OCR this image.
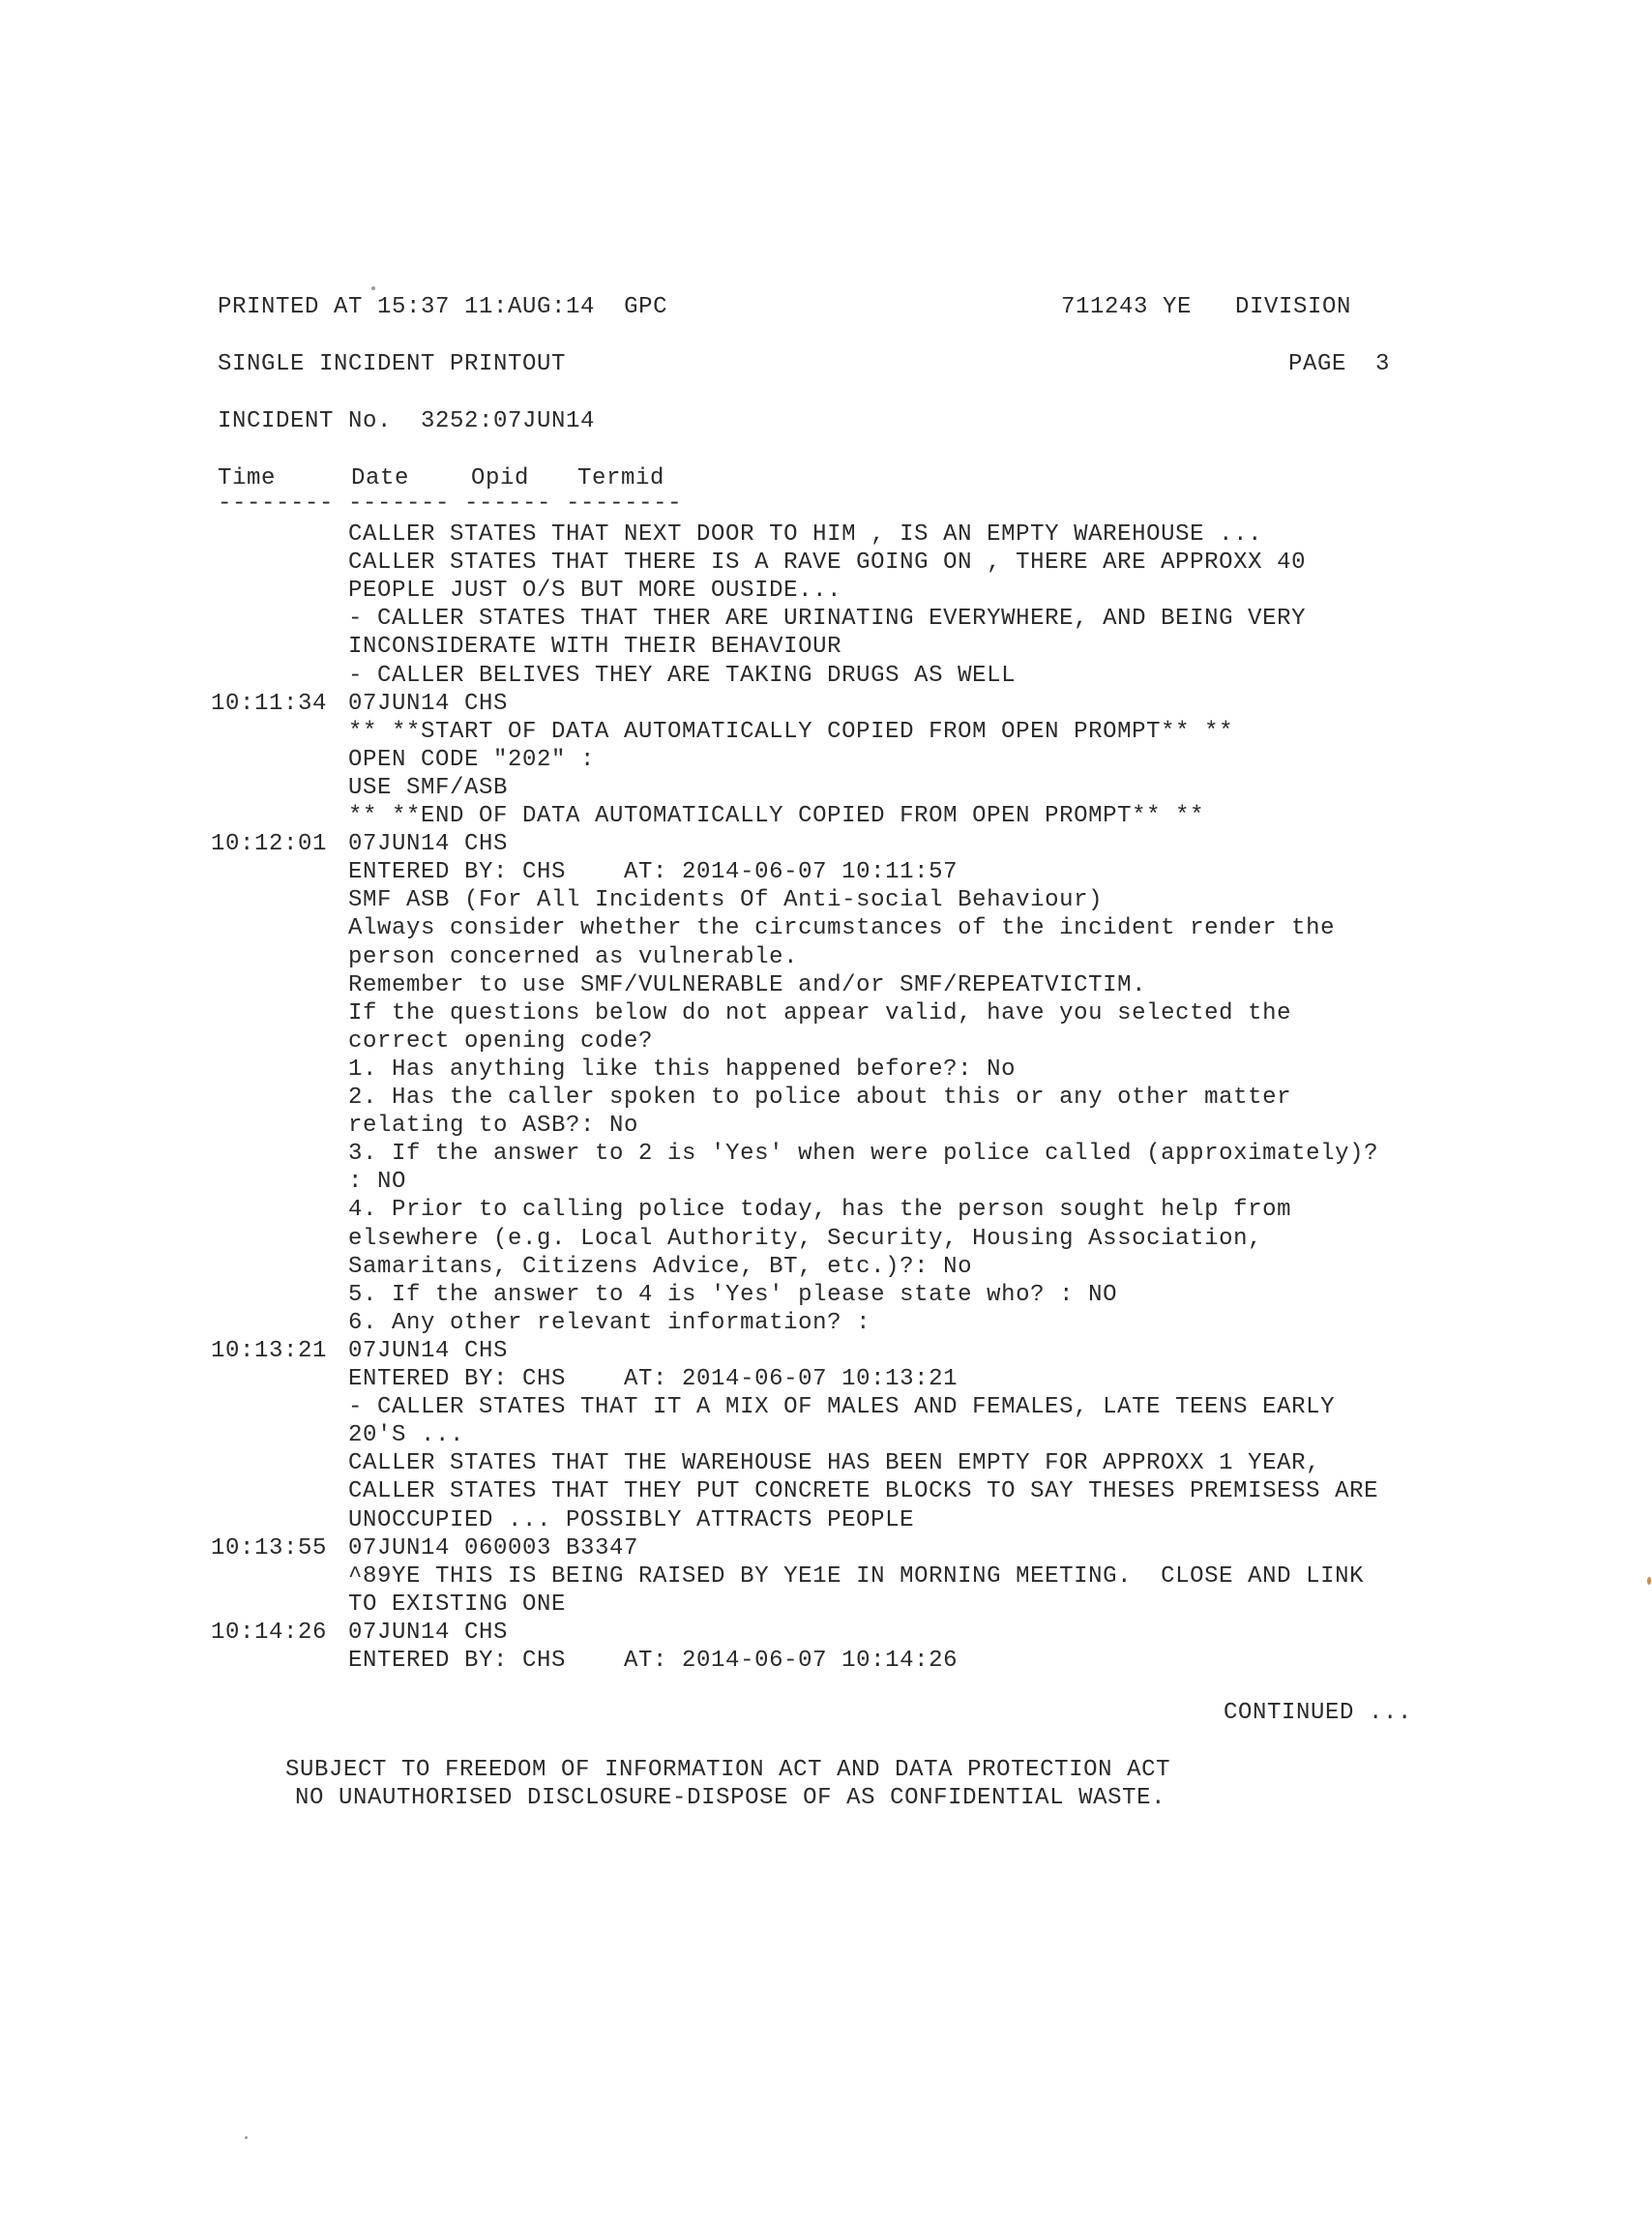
PRINTED AT 15:37 11:AUG:14  GPC	711243 YE   DIVISION
SINGLE INCIDENT PRINTOUT	PAGE  3
INCIDENT No.  3252:07JUN14
Time	Date	Opid Termid
-------- ------- ------ --------
CALLER STATES THAT NEXT DOOR TO HIM , IS AN EMPTY WAREHOUSE ...
CALLER STATES THAT THERE IS A RAVE GOING ON , THERE ARE APPROXX 40
PEOPLE JUST O/S BUT MORE OUSIDE...
- CALLER STATES THAT THER ARE URINATING EVERYWHERE, AND BEING VERY
INCONSIDERATE WITH THEIR BEHAVIOUR
- CALLER BELIVES THEY ARE TAKING DRUGS AS WELL
10:11:34 07JUN14 CHS
** **START OF DATA AUTOMATICALLY COPIED FROM OPEN PROMPT** **
OPEN CODE "202" :
USE SMF/ASB
** **END OF DATA AUTOMATICALLY COPIED FROM OPEN PROMPT** **
10:12:01 07JUN14 CHS
ENTERED BY: CHS    AT: 2014-06-07 10:11:57
SMF ASB (For All Incidents Of Anti-social Behaviour)
Always consider whether the circumstances of the incident render the
person concerned as vulnerable.
Remember to use SMF/VULNERABLE and/or SMF/REPEATVICTIM.
If the questions below do not appear valid, have you selected the
correct opening code?
1. Has anything like this happened before?: No
2. Has the caller spoken to police about this or any other matter
relating to ASB?: No
3. If the answer to 2 is 'Yes' when were police called (approximately)?
: NO
4. Prior to calling police today, has the person sought help from
elsewhere (e.g. Local Authority, Security, Housing Association,
Samaritans, Citizens Advice, BT, etc.)?: No
5. If the answer to 4 is 'Yes' please state who? : NO
6. Any other relevant information? :
10:13:21 07JUN14 CHS
ENTERED BY: CHS    AT: 2014-06-07 10:13:21
- CALLER STATES THAT IT A MIX OF MALES AND FEMALES, LATE TEENS EARLY
20'S ...
CALLER STATES THAT THE WAREHOUSE HAS BEEN EMPTY FOR APPROXX 1 YEAR,
CALLER STATES THAT THEY PUT CONCRETE BLOCKS TO SAY THESES PREMISESS ARE
UNOCCUPIED ... POSSIBLY ATTRACTS PEOPLE
10:13:55 07JUN14 060003 B3347
^89YE THIS IS BEING RAISED BY YE1E IN MORNING MEETING.  CLOSE AND LINK
TO EXISTING ONE
10:14:26 07JUN14 CHS
ENTERED BY: CHS    AT: 2014-06-07 10:14:26
CONTINUED ...
SUBJECT TO FREEDOM OF INFORMATION ACT AND DATA PROTECTION ACT
NO UNAUTHORISED DISCLOSURE-DISPOSE OF AS CONFIDENTIAL WASTE.
